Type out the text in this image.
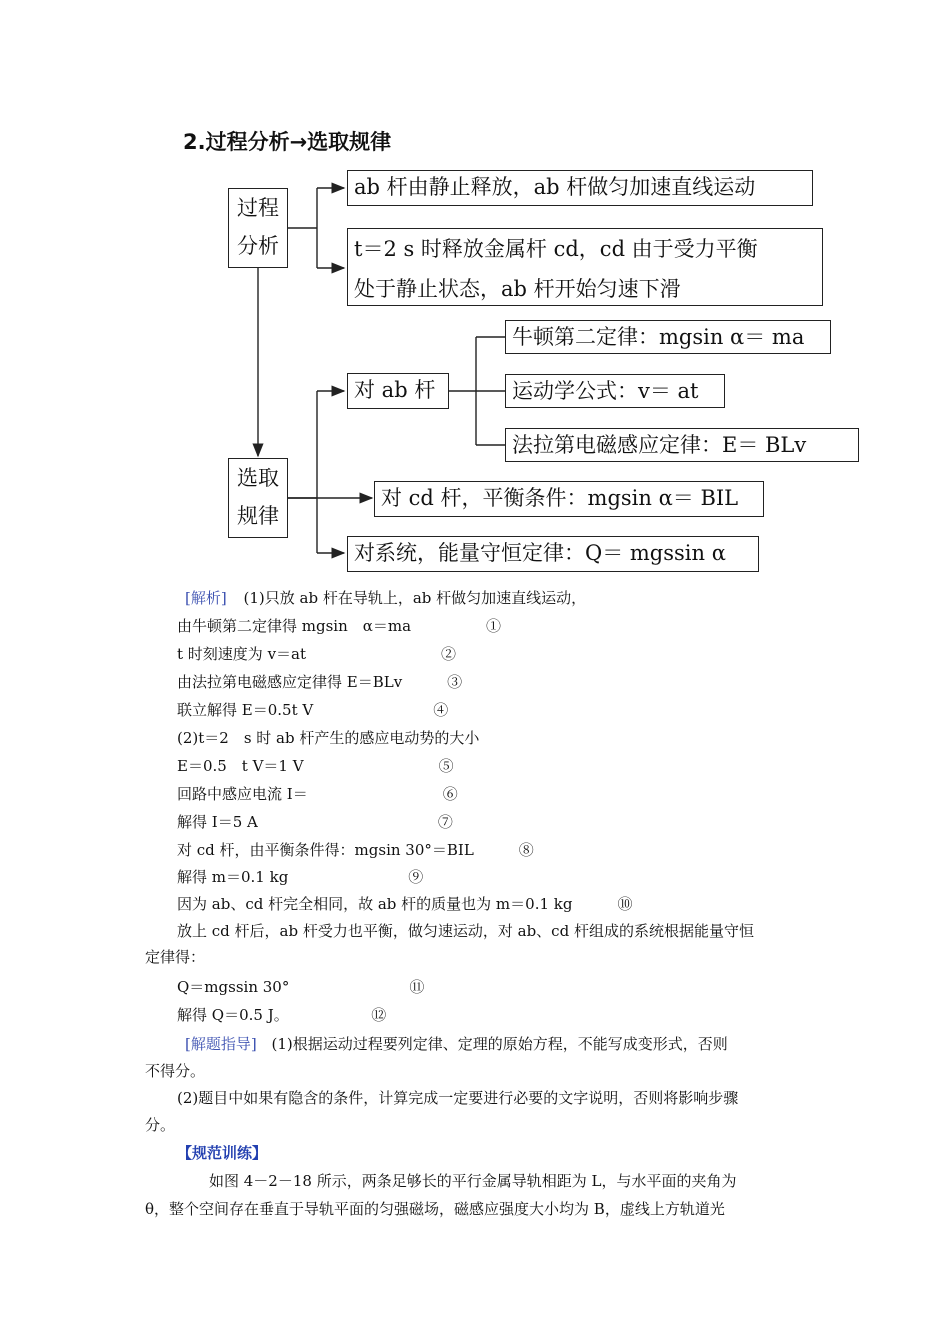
2.过程分析→选取规律
过程
分析
选取
规律
ab 杆由静止释放，ab 杆做匀加速直线运动
t＝2 s 时释放金属杆 cd，cd 由于受力平衡
处于静止状态，ab 杆开始匀速下滑
对 ab 杆
牛顿第二定律：mgsin α＝ ma
运动学公式：v＝ at
法拉第电磁感应定律：E＝ BLv
对 cd 杆，平衡条件：mgsin α＝ BIL
对系统，能量守恒定律：Q＝ mgssin α
[解析] (1)只放 ab 杆在导轨上，ab 杆做匀加速直线运动，
由牛顿第二定律得 mgsin　α＝ma　　　　　①
t 时刻速度为 v＝at　　　　　　　　　②
由法拉第电磁感应定律得 E＝BLv　　　③
联立解得 E＝0.5t V　　　　　　　　④
(2)t＝2　s 时 ab 杆产生的感应电动势的大小
E＝0.5　t V＝1 V　　　　　　　　　⑤
回路中感应电流 I＝　　　　　　　　　⑥
解得 I＝5 A　　　　　　　　　　　　⑦
对 cd 杆，由平衡条件得：mgsin 30°＝BIL　　　⑧
解得 m＝0.1 kg　　　　　　　　⑨
因为 ab、cd 杆完全相同，故 ab 杆的质量也为 m＝0.1 kg　　　⑩
放上 cd 杆后，ab 杆受力也平衡，做匀速运动，对 ab、cd 杆组成的系统根据能量守恒
定律得：
Q＝mgssin 30°　　　　　　　　⑪
解得 Q＝0.5 J。　　　　　　⑫
[解题指导] (1)根据运动过程要列定律、定理的原始方程，不能写成变形式，否则
不得分。
(2)题目中如果有隐含的条件，计算完成一定要进行必要的文字说明，否则将影响步骤
分。
【规范训练】
如图 4－2－18 所示，两条足够长的平行金属导轨相距为 L，与水平面的夹角为
θ，整个空间存在垂直于导轨平面的匀强磁场，磁感应强度大小均为 B，虚线上方轨道光
